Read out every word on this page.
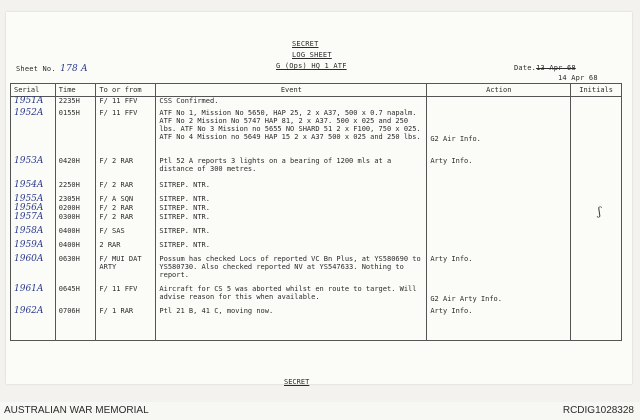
SECRET
LOG SHEET
G (Ops) HQ 1 ATF
Sheet No. 178 A	Date.13 Apr 68
14 Apr 68
Serial	Time	To or from	Event	Action	Initials
1951A	2235H	F/ 11 FFV	CSS Confirmed.		
1952A	0155H	F/ 11 FFV	ATF No 1, Mission No 5650, HAP 25, 2 x A37, 500 x 0.7 napalm. ATF No 2 Mission No 5747 HAP 81, 2 x A37. 500 x 025 and 250 lbs. ATF No 3 Mission no 5655 NO SHARD 51 2 x F100, 750 x 025. ATF No 4 Mission no 5649 HAP 15 2 x A37 500 x 025 and 250 lbs.	G2 Air Info.	
1953A	0420H	F/ 2 RAR	Ptl 52 A reports 3 lights on a bearing of 1200 mls at a distance of 300 metres.	Arty Info.	
1954A	2250H	F/ 2 RAR	SITREP. NTR.		
1955A	2305H	F/ A SQN	SITREP. NTR.		
1956A	0200H	F/ 2 RAR	SITREP. NTR.		
1957A	0300H	F/ 2 RAR	SITREP. NTR.		
1958A	0400H	F/ SAS	SITREP. NTR.		
1959A	0400H	2 RAR	SITREP. NTR.		
1960A	0630H	F/ MUI DAT ARTY	Possum has checked Locs of reported VC Bn Plus, at YS580690 to YS580730. Also checked reported NV at YS547633. Nothing to report.	Arty Info.	
1961A	0645H	F/ 11 FFV	Aircraft for CS 5 was aborted whilst en route to target. Will advise reason for this when available.	G2 Air Arty Info.	
1962A	0706H	F/ 1 RAR	Ptl 21 B, 41 C, moving now.	Arty Info.	
ʃ
SECRET
AUSTRALIAN WAR MEMORIAL	RCDIG1028328
